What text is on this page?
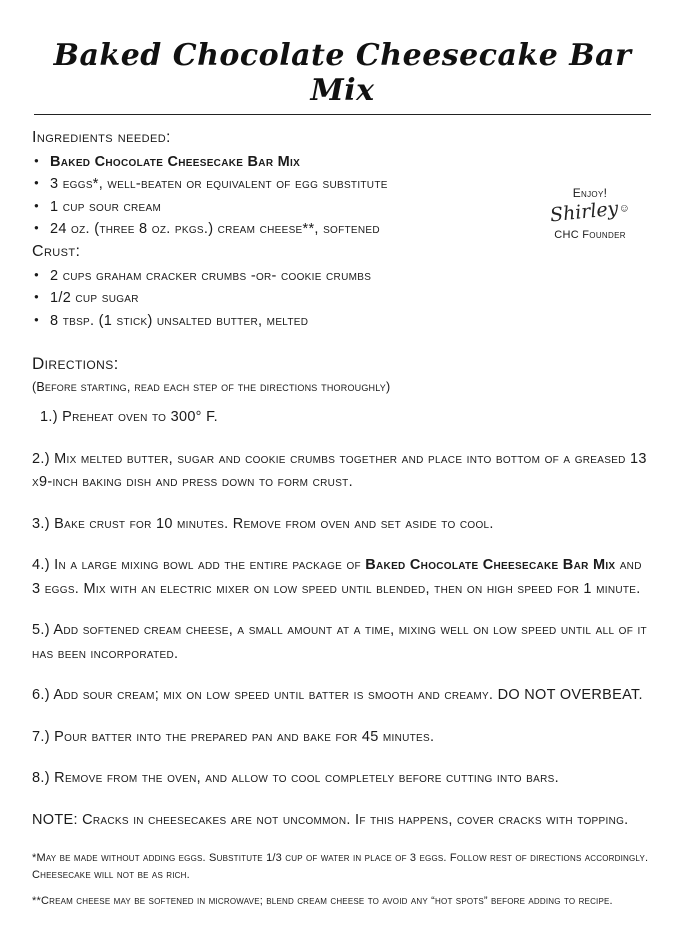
Baked Chocolate Cheesecake Bar Mix
Enjoy!
Shirley☺
CHC Founder
Ingredients needed:
● Baked Chocolate Cheesecake Bar Mix
● 3 eggs*, well-beaten or equivalent of egg substitute
● 1 cup sour cream
● 24 oz. (three 8 oz. pkgs.) cream cheese**, softened
Crust:
● 2 cups graham cracker crumbs -or- cookie crumbs
● 1/2 cup sugar
● 8 tbsp. (1 stick) unsalted butter, melted
Directions:
(Before starting, read each step of the directions thoroughly)
1.) Preheat oven to 300° F.
2.) Mix melted butter, sugar and cookie crumbs together and place into bottom of a greased 13 x9-inch baking dish and press down to form crust.
3.) Bake crust for 10 minutes. Remove from oven and set aside to cool.
4.) In a large mixing bowl add the entire package of Baked Chocolate Cheesecake Bar Mix and 3 eggs. Mix with an electric mixer on low speed until blended, then on high speed for 1 minute.
5.) Add softened cream cheese, a small amount at a time, mixing well on low speed until all of it has been incorporated.
6.) Add sour cream; mix on low speed until batter is smooth and creamy. DO NOT OVERBEAT.
7.) Pour batter into the prepared pan and bake for 45 minutes.
8.) Remove from the oven, and allow to cool completely before cutting into bars.
NOTE: Cracks in cheesecakes are not uncommon. If this happens, cover cracks with topping.
*May be made without adding eggs. Substitute 1/3 cup of water in place of 3 eggs. Follow rest of directions accordingly. Cheesecake will not be as rich.
**Cream cheese may be softened in microwave; blend cream cheese to avoid any “hot spots” before adding to recipe.
